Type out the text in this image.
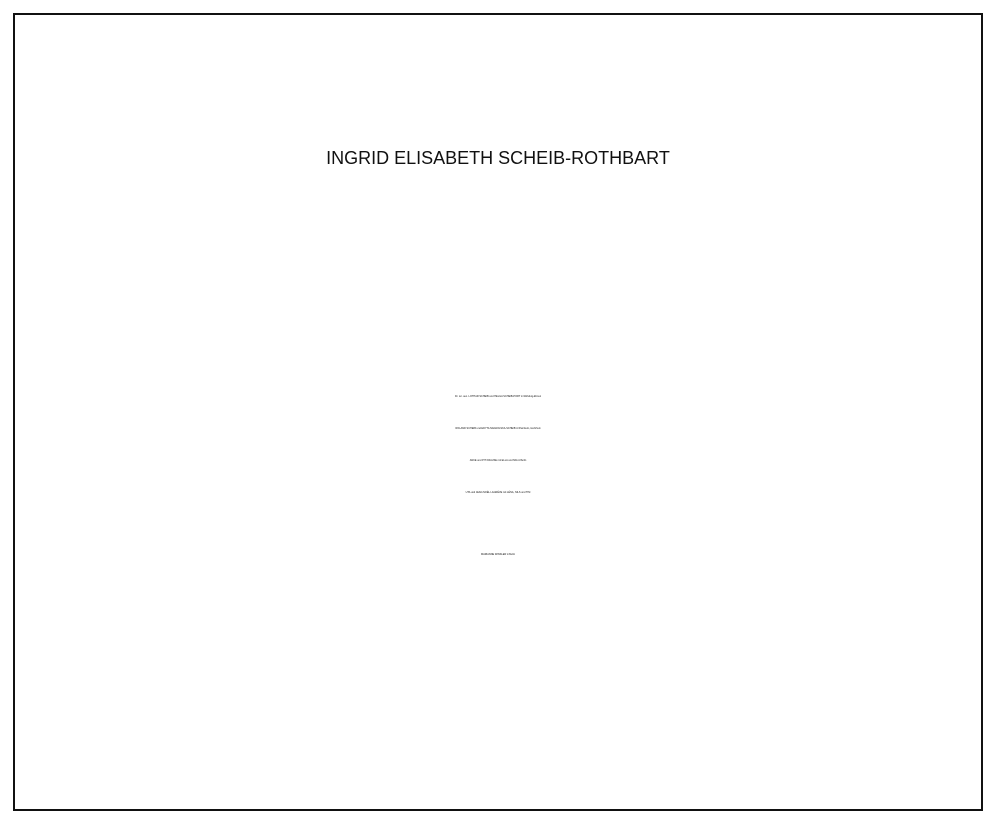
INGRID ELISABETH SCHEIB-ROTHBART
Dr. rer. oec. LOTHAR SCHEIB und HELGA SCHEIB-PORT in Wolfsburg-Ehmen
ROLAND SCHEIB und EDYTA NADAOLSKA-SCHEIB in Rheinheim, Hochrhein
ANKE und PIT KRAUSE mit ELLA und MIA in Berlin
UTA und JEAN-NOËL LAGRÈVE mit LÉNA, NILS und TIM
MARIANNE WINKLER in Berlin
